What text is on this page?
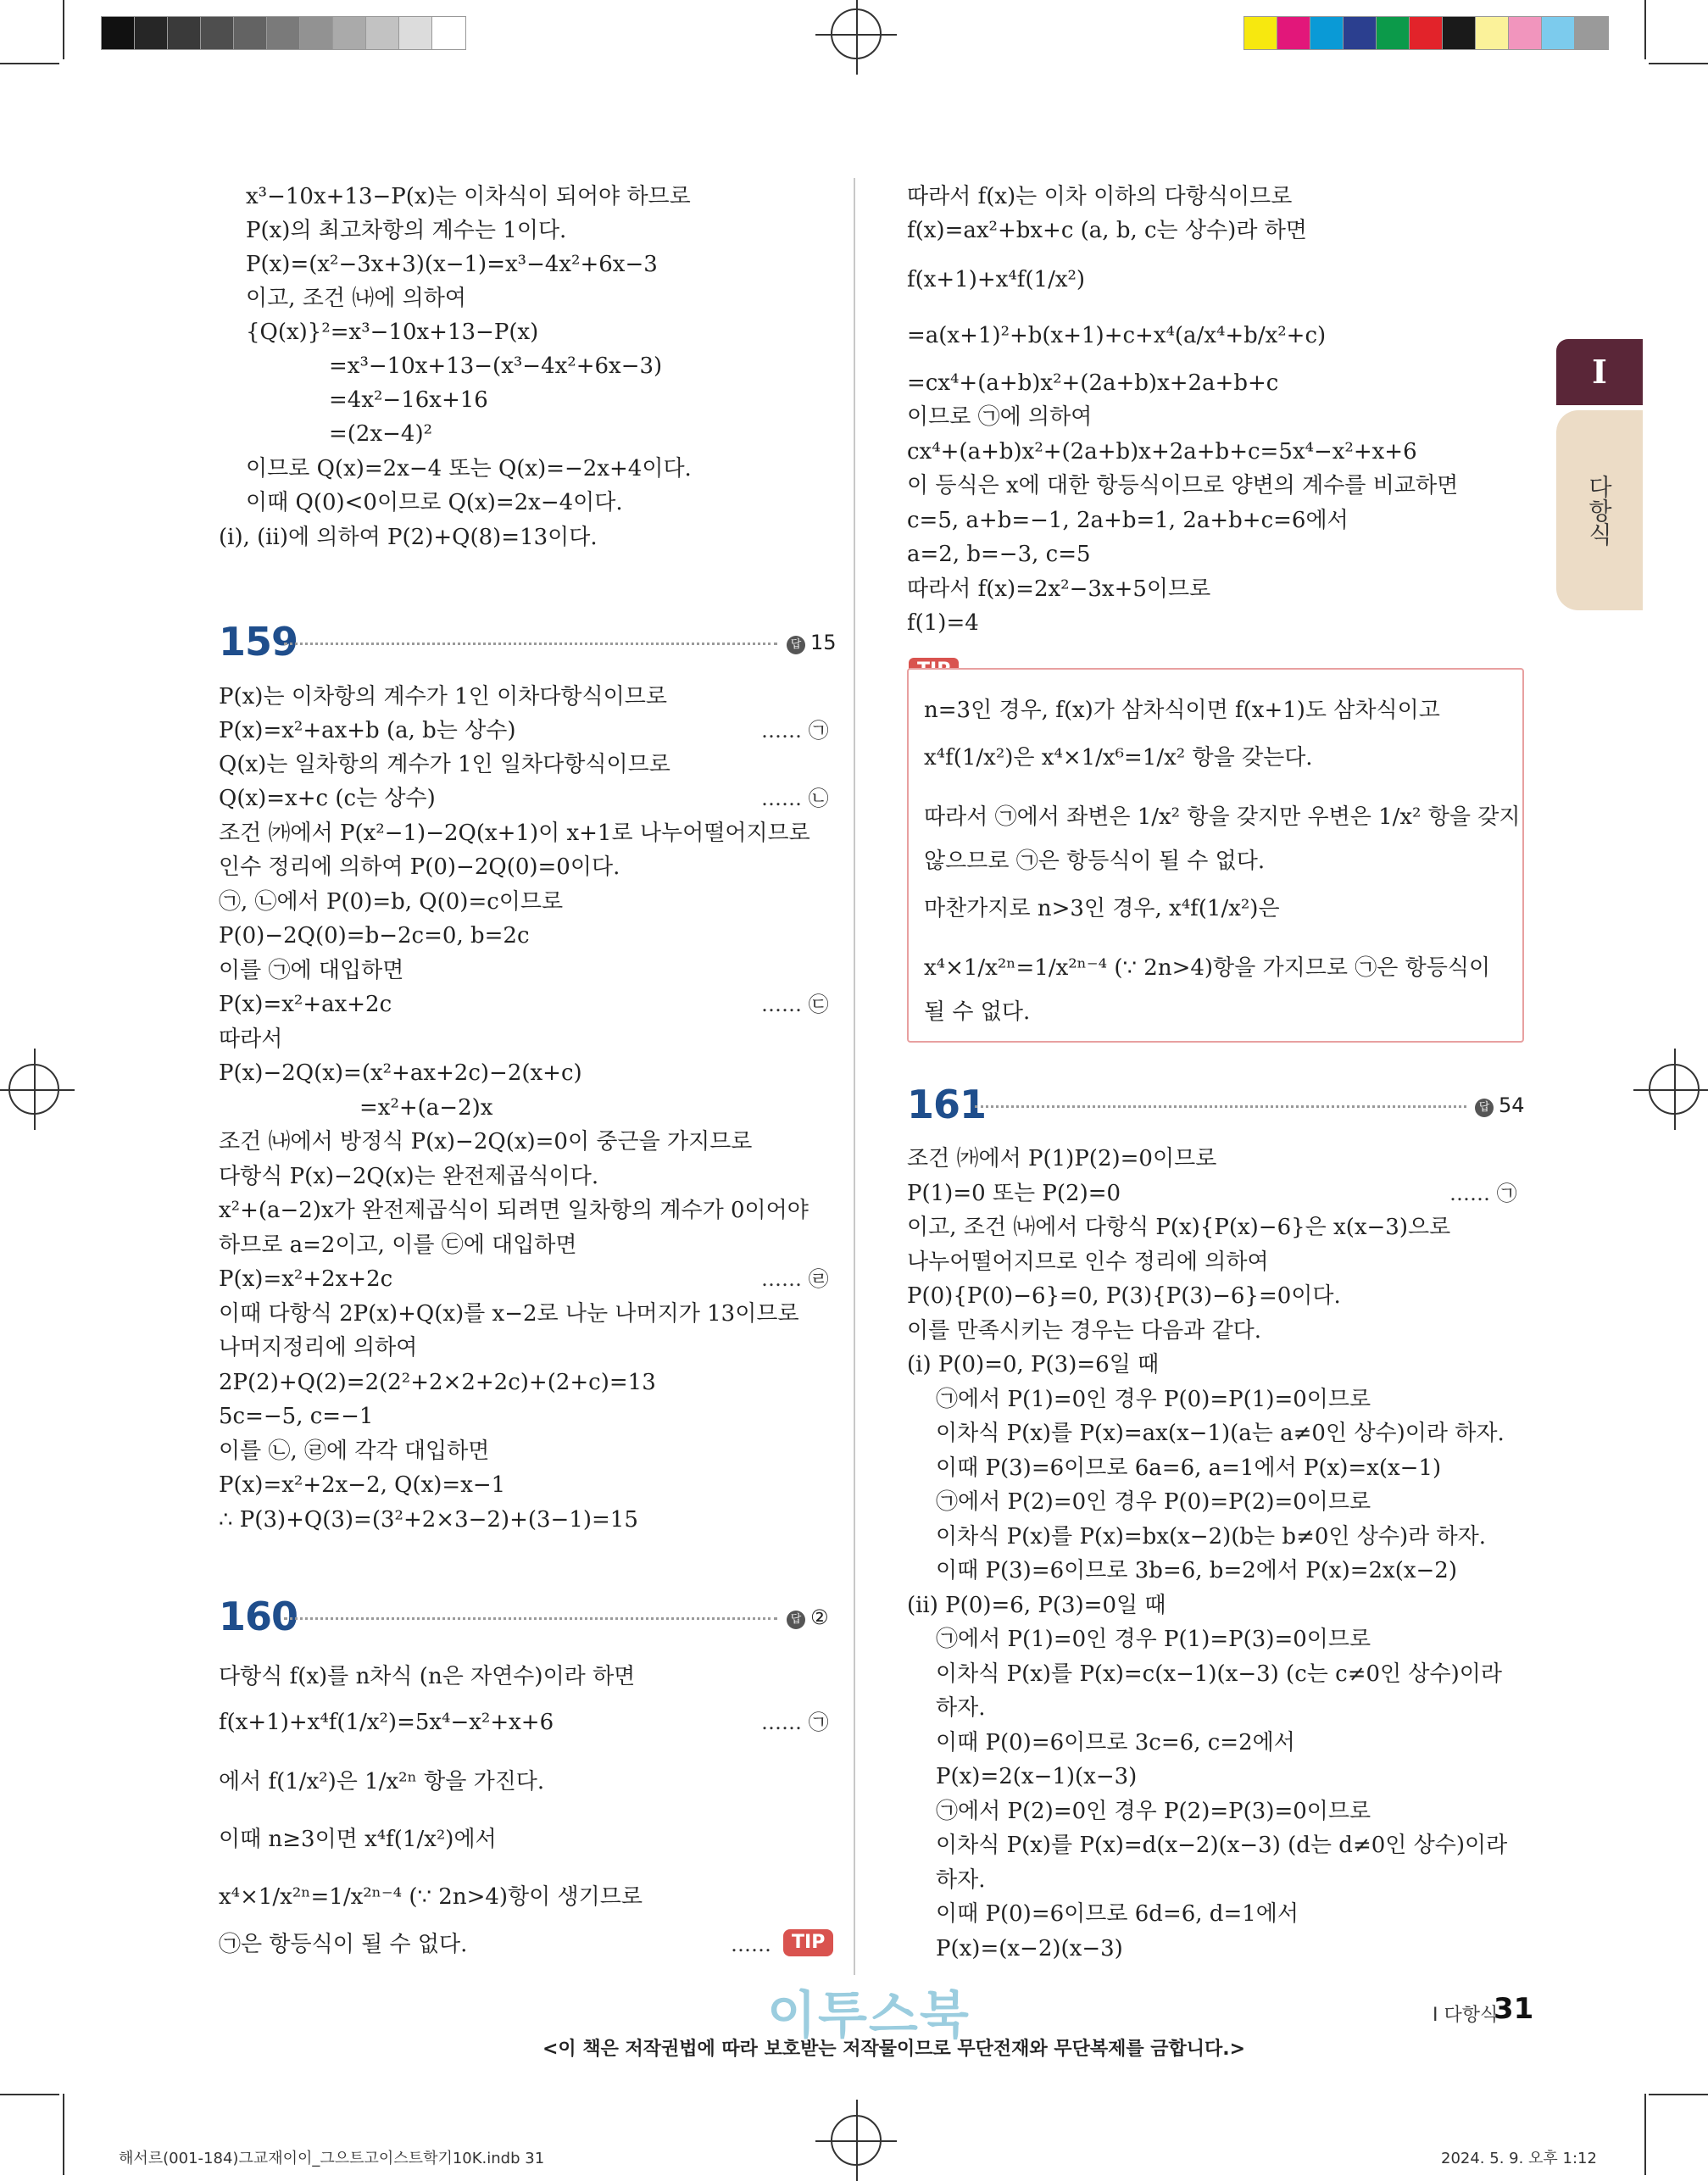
x³−10x+13−P(x)는 이차식이 되어야 하므로
P(x)의 최고차항의 계수는 1이다.
P(x)=(x²−3x+3)(x−1)=x³−4x²+6x−3
이고, 조건 ㈏에 의하여
{Q(x)}²=x³−10x+13−P(x)
=x³−10x+13−(x³−4x²+6x−3)
=4x²−16x+16
=(2x−4)²
이므로 Q(x)=2x−4 또는 Q(x)=−2x+4이다.
이때 Q(0)<0이므로 Q(x)=2x−4이다.
(ⅰ), (ⅱ)에 의하여 P(2)+Q(8)=13이다.
159	답 15
P(x)는 이차항의 계수가 1인 이차다항식이므로
P(x)=x²+ax+b (a, b는 상수)	…… ㉠
Q(x)는 일차항의 계수가 1인 일차다항식이므로
Q(x)=x+c (c는 상수)	…… ㉡
조건 ㈎에서 P(x²−1)−2Q(x+1)이 x+1로 나누어떨어지므로
인수 정리에 의하여 P(0)−2Q(0)=0이다.
㉠, ㉡에서 P(0)=b, Q(0)=c이므로
P(0)−2Q(0)=b−2c=0, b=2c
이를 ㉠에 대입하면
P(x)=x²+ax+2c	…… ㉢
따라서
P(x)−2Q(x)=(x²+ax+2c)−2(x+c)
=x²+(a−2)x
조건 ㈏에서 방정식 P(x)−2Q(x)=0이 중근을 가지므로
다항식 P(x)−2Q(x)는 완전제곱식이다.
x²+(a−2)x가 완전제곱식이 되려면 일차항의 계수가 0이어야
하므로 a=2이고, 이를 ㉢에 대입하면
P(x)=x²+2x+2c	…… ㉣
이때 다항식 2P(x)+Q(x)를 x−2로 나눈 나머지가 13이므로
나머지정리에 의하여
2P(2)+Q(2)=2(2²+2×2+2c)+(2+c)=13
5c=−5, c=−1
이를 ㉡, ㉣에 각각 대입하면
P(x)=x²+2x−2, Q(x)=x−1
∴ P(3)+Q(3)=(3²+2×3−2)+(3−1)=15
160	답 ②
다항식 f(x)를 n차식 (n은 자연수)이라 하면
f(x+1)+x⁴f(1/x²)=5x⁴−x²+x+6	…… ㉠
에서 f(1/x²)은 1/x²ⁿ 항을 가진다.
이때 n≥3이면 x⁴f(1/x²)에서
x⁴×1/x²ⁿ=1/x²ⁿ⁻⁴ (∵ 2n>4)항이 생기므로
㉠은 항등식이 될 수 없다.	……	TIP
따라서 f(x)는 이차 이하의 다항식이므로
f(x)=ax²+bx+c (a, b, c는 상수)라 하면
f(x+1)+x⁴f(1/x²)
=a(x+1)²+b(x+1)+c+x⁴(a/x⁴+b/x²+c)
=cx⁴+(a+b)x²+(2a+b)x+2a+b+c
이므로 ㉠에 의하여
cx⁴+(a+b)x²+(2a+b)x+2a+b+c=5x⁴−x²+x+6
이 등식은 x에 대한 항등식이므로 양변의 계수를 비교하면
c=5, a+b=−1, 2a+b=1, 2a+b+c=6에서
a=2, b=−3, c=5
따라서 f(x)=2x²−3x+5이므로
f(1)=4
n=3인 경우, f(x)가 삼차식이면 f(x+1)도 삼차식이고
x⁴f(1/x²)은 x⁴×1/x⁶=1/x² 항을 갖는다.
따라서 ㉠에서 좌변은 1/x² 항을 갖지만 우변은 1/x² 항을 갖지
않으므로 ㉠은 항등식이 될 수 없다.
마찬가지로 n>3인 경우, x⁴f(1/x²)은
x⁴×1/x²ⁿ=1/x²ⁿ⁻⁴ (∵ 2n>4)항을 가지므로 ㉠은 항등식이
될 수 없다.
161	답 54
조건 ㈎에서 P(1)P(2)=0이므로
P(1)=0 또는 P(2)=0	…… ㉠
이고, 조건 ㈏에서 다항식 P(x){P(x)−6}은 x(x−3)으로
나누어떨어지므로 인수 정리에 의하여
P(0){P(0)−6}=0, P(3){P(3)−6}=0이다.
이를 만족시키는 경우는 다음과 같다.
(ⅰ) P(0)=0, P(3)=6일 때
㉠에서 P(1)=0인 경우 P(0)=P(1)=0이므로
이차식 P(x)를 P(x)=ax(x−1)(a는 a≠0인 상수)이라 하자.
이때 P(3)=6이므로 6a=6, a=1에서 P(x)=x(x−1)
㉠에서 P(2)=0인 경우 P(0)=P(2)=0이므로
이차식 P(x)를 P(x)=bx(x−2)(b는 b≠0인 상수)라 하자.
이때 P(3)=6이므로 3b=6, b=2에서 P(x)=2x(x−2)
(ⅱ) P(0)=6, P(3)=0일 때
㉠에서 P(1)=0인 경우 P(1)=P(3)=0이므로
이차식 P(x)를 P(x)=c(x−1)(x−3) (c는 c≠0인 상수)이라
하자.
이때 P(0)=6이므로 3c=6, c=2에서
P(x)=2(x−1)(x−3)
㉠에서 P(2)=0인 경우 P(2)=P(3)=0이므로
이차식 P(x)를 P(x)=d(x−2)(x−3) (d는 d≠0인 상수)이라
하자.
이때 P(0)=6이므로 6d=6, d=1에서
P(x)=(x−2)(x−3)
Ⅰ
다항식
이투스북	Ⅰ 다항식
31
<이 책은 저작권법에 따라 보호받는 저작물이므로 무단전재와 무단복제를 금합니다.>
해서르(001-184)그교재이이_그으트고이스트학기10K.indb 31	2024. 5. 9. 오후 1:12
